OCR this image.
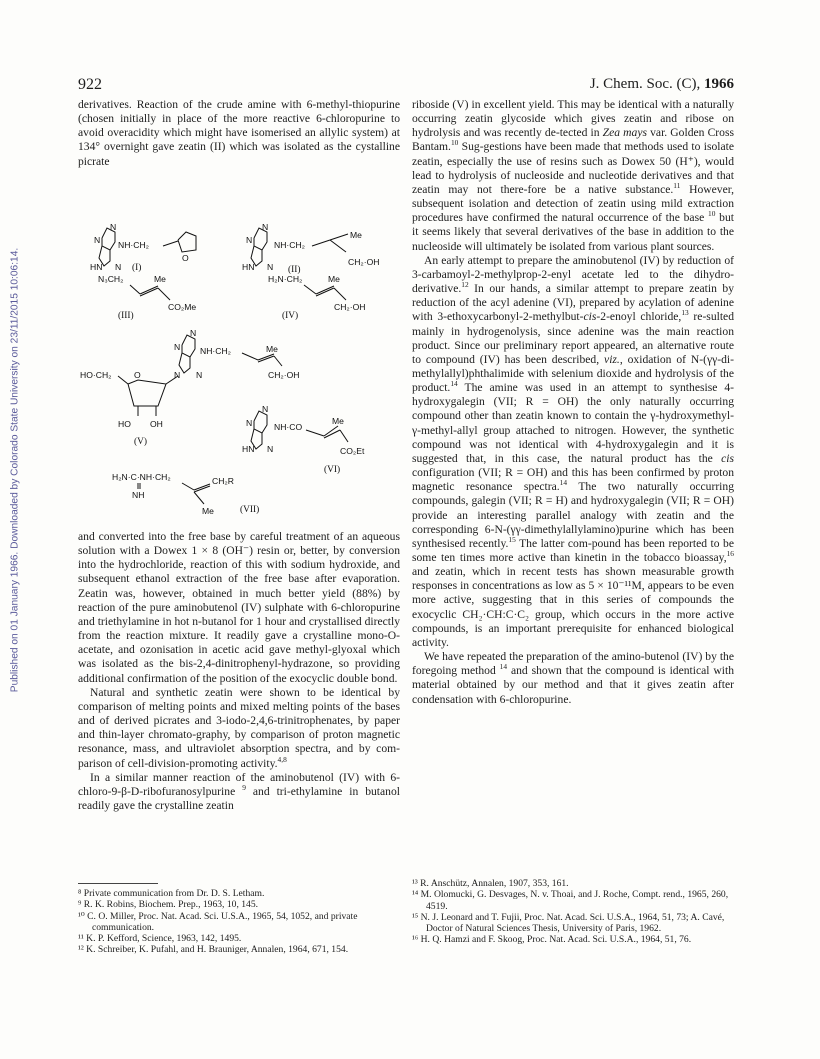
Published on 01 January 1966. Downloaded by Colorado State University on 23/11/2015 10:06:14.
922	J. Chem. Soc. (C), 1966

derivatives. Reaction of the crude amine with 6-methyl-thiopurine (chosen initially in place of the more reactive 6-chloropurine to avoid overacidity which might have isomerised an allylic system) at 134° overnight gave zeatin (II) which was isolated as the cystalline picrate

N
N NH·CH₂
HN N
O
(I)
N
N	NH·CH₂
HN N
Me
CH₂·OH
(II)
N₃CH₂	Me
CO₂Me
(III)
H₂N·CH₂	Me
CH₂·OH
(IV)
N
N NH·CH₂
N N
Me
CH₂·OH
HO·CH₂	O
HO OH
(V)
N
N	NH·CO
HN N
Me
CO₂Et
(VI)
H₂N·C·NH·CH₂
NH
CH₂R
Me	(VII)

and converted into the free base by careful treatment of an aqueous solution with a Dowex 1 × 8 (OH⁻) resin or, better, by conversion into the hydrochloride, reaction of this with sodium hydroxide, and subsequent ethanol extraction of the free base after evaporation. Zeatin was, however, obtained in much better yield (88%) by reaction of the pure aminobutenol (IV) sulphate with 6-chloropurine and triethylamine in hot n-butanol for 1 hour and crystallised directly from the reaction mixture. It readily gave a crystalline mono-O-acetate, and ozonisation in acetic acid gave methyl-glyoxal which was isolated as the bis-2,4-dinitrophenyl-hydrazone, so providing additional confirmation of the position of the exocyclic double bond.

Natural and synthetic zeatin were shown to be identical by comparison of melting points and mixed melting points of the bases and of derived picrates and 3-iodo-2,4,6-trinitrophenates, by paper and thin-layer chromato-graphy, by comparison of proton magnetic resonance, mass, and ultraviolet absorption spectra, and by com-parison of cell-division-promoting activity.$^{4,8}$

In a similar manner reaction of the aminobutenol (IV) with 6-chloro-9-β-D-ribofuranosylpurine $^9$ and tri-ethylamine in butanol readily gave the crystalline zeatin

riboside (V) in excellent yield. This may be identical with a naturally occurring zeatin glycoside which gives zeatin and ribose on hydrolysis and was recently de-tected in Zea mays var. Golden Cross Bantam.$^{10}$ Sug-gestions have been made that methods used to isolate zeatin, especially the use of resins such as Dowex 50 (H⁺), would lead to hydrolysis of nucleoside and nucleotide derivatives and that zeatin may not there-fore be a native substance.$^{11}$ However, subsequent isolation and detection of zeatin using mild extraction procedures have confirmed the natural occurrence of the base $^{10}$ but it seems likely that several derivatives of the base in addition to the nucleoside will ultimately be isolated from various plant sources.

An early attempt to prepare the aminobutenol (IV) by reduction of 3-carbamoyl-2-methylprop-2-enyl acetate led to the dihydro-derivative.$^{12}$ In our hands, a similar attempt to prepare zeatin by reduction of the acyl adenine (VI), prepared by acylation of adenine with 3-ethoxycarbonyl-2-methylbut-cis-2-enoyl chloride,$^{13}$ re-sulted mainly in hydrogenolysis, since adenine was the main reaction product. Since our preliminary report appeared, an alternative route to compound (IV) has been described, viz., oxidation of N-(γγ-di-methylallyl)phthalimide with selenium dioxide and hydrolysis of the product.$^{14}$ The amine was used in an attempt to synthesise 4-hydroxygalegin (VII; R = OH) the only naturally occurring compound other than zeatin known to contain the γ-hydroxymethyl-γ-methyl-allyl group attached to nitrogen. However, the synthetic compound was not identical with 4-hydroxygalegin and it is suggested that, in this case, the natural product has the cis configuration (VII; R = OH) and this has been confirmed by proton magnetic resonance spectra.$^{14}$ The two naturally occurring compounds, galegin (VII; R = H) and hydroxygalegin (VII; R = OH) provide an interesting parallel analogy with zeatin and the corresponding 6-N-(γγ-dimethylallylamino)purine which has been synthesised recently.$^{15}$ The latter com-pound has been reported to be some ten times more active than kinetin in the tobacco bioassay,$^{16}$ and zeatin, which in recent tests has shown measurable growth responses in concentrations as low as 5 × 10⁻¹¹M, appears to be even more active, suggesting that in this series of compounds the exocyclic CH₂·CH:C·C₂ group, which occurs in the more active compounds, is an important prerequisite for enhanced biological activity.

We have repeated the preparation of the amino-butenol (IV) by the foregoing method $^{14}$ and shown that the compound is identical with material obtained by our method and that it gives zeatin after condensation with 6-chloropurine.

⁸ Private communication from Dr. D. S. Letham.
⁹ R. K. Robins, Biochem. Prep., 1963, 10, 145.
¹⁰ C. O. Miller, Proc. Nat. Acad. Sci. U.S.A., 1965, 54, 1052, and private communication.
¹¹ K. P. Kefford, Science, 1963, 142, 1495.
¹² K. Schreiber, K. Pufahl, and H. Brauniger, Annalen, 1964, 671, 154.
¹³ R. Anschütz, Annalen, 1907, 353, 161.
¹⁴ M. Olomucki, G. Desvages, N. v. Thoai, and J. Roche, Compt. rend., 1965, 260, 4519.
¹⁵ N. J. Leonard and T. Fujii, Proc. Nat. Acad. Sci. U.S.A., 1964, 51, 73; A. Cavé, Doctor of Natural Sciences Thesis, University of Paris, 1962.
¹⁶ H. Q. Hamzi and F. Skoog, Proc. Nat. Acad. Sci. U.S.A., 1964, 51, 76.
